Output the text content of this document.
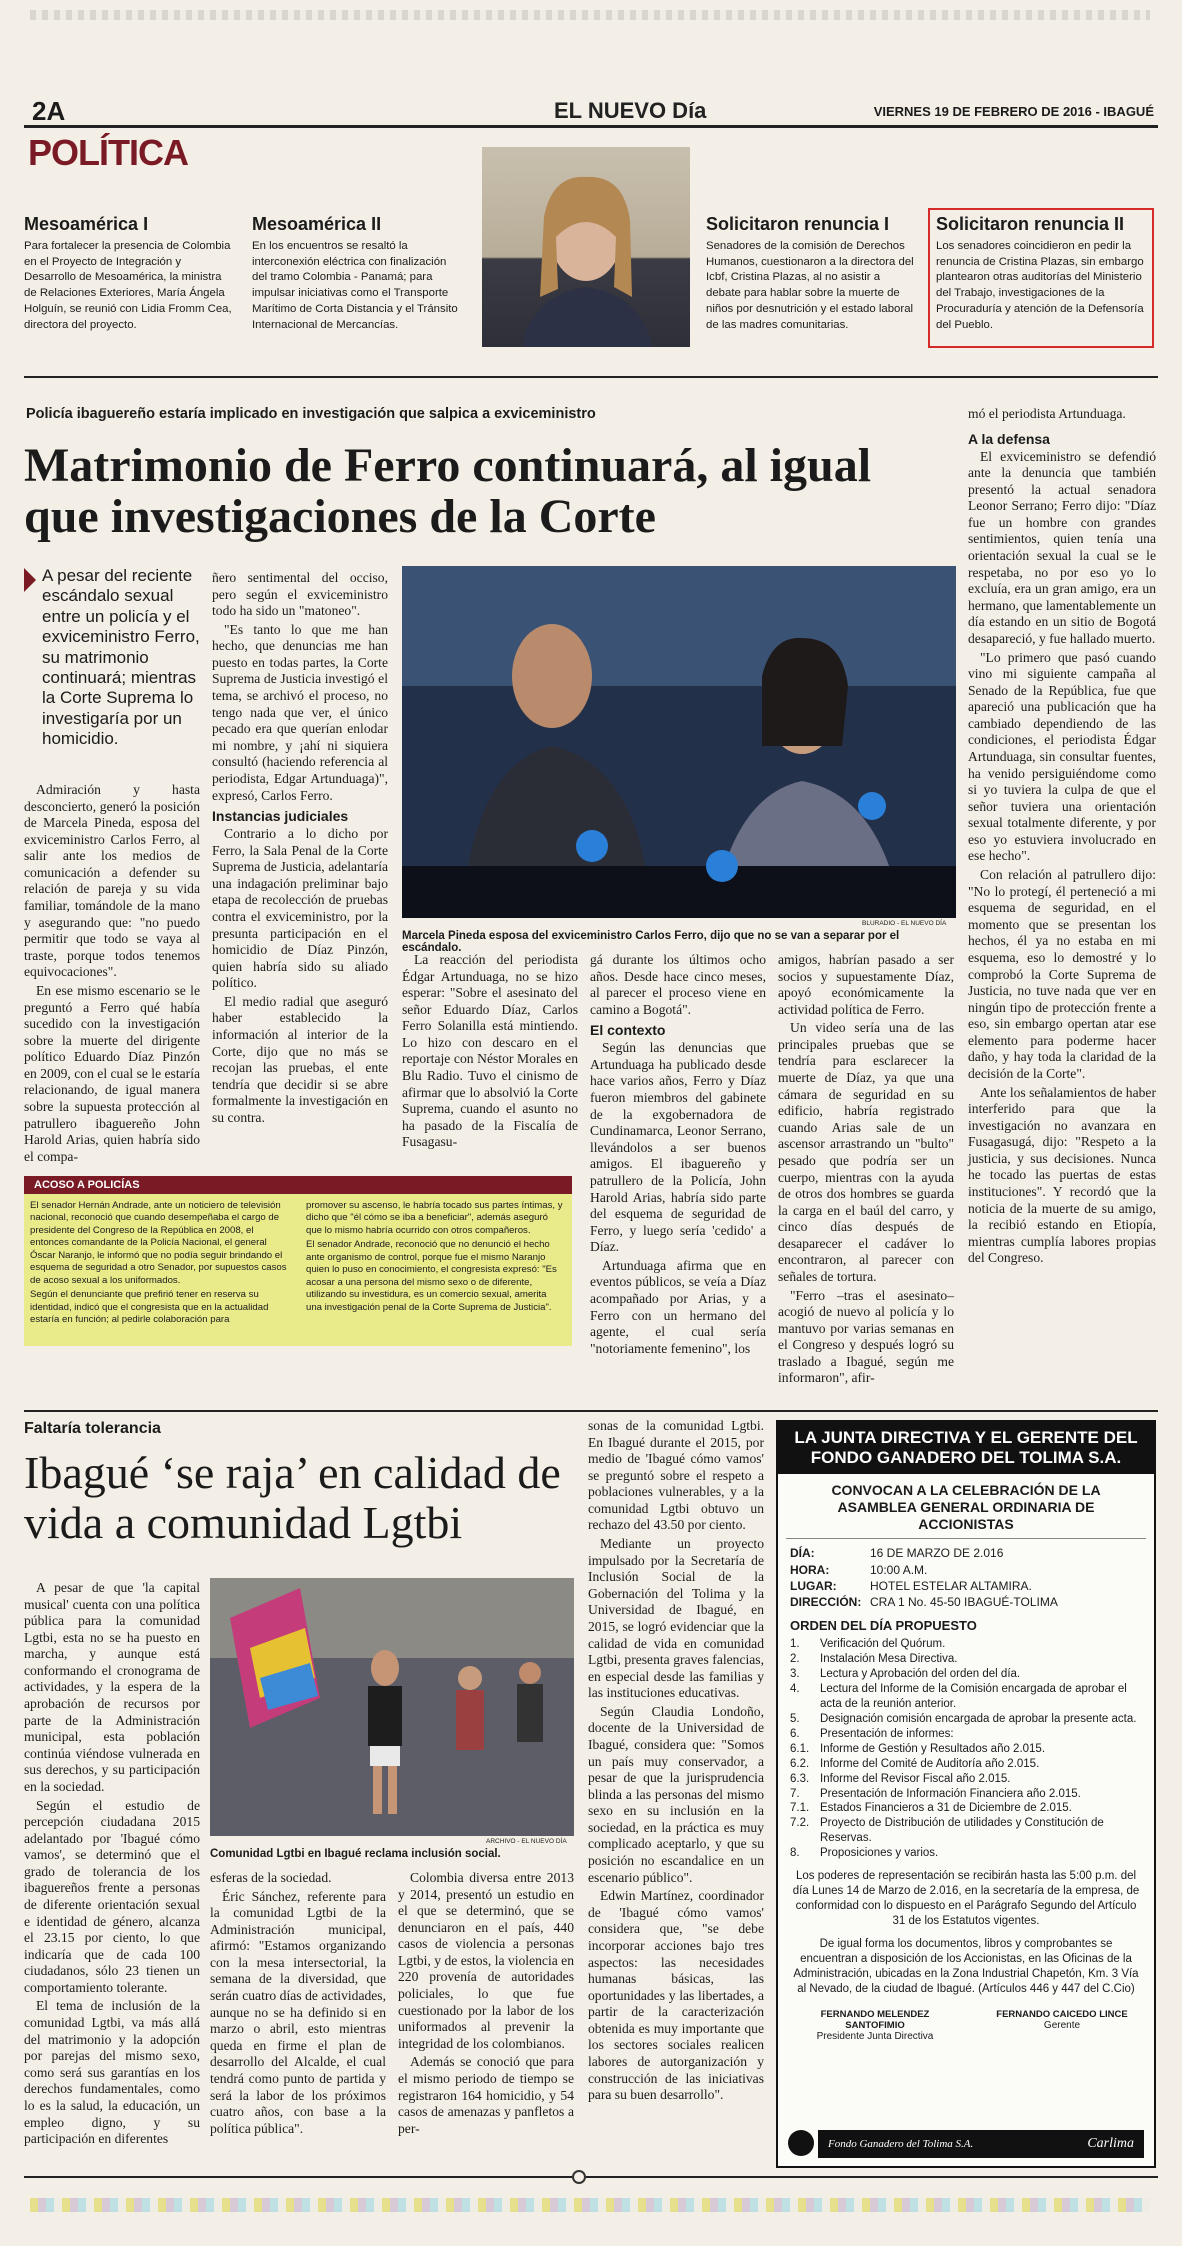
2A	EL NUEVO Día	VIERNES 19 DE FEBRERO DE 2016 - IBAGUÉ
POLÍTICA
Mesoamérica I
Para fortalecer la presencia de Colombia en el Proyecto de Integración y Desarrollo de Mesoamérica, la ministra de Relaciones Exteriores, María Ángela Holguín, se reunió con Lidia Fromm Cea, directora del proyecto.
Mesoamérica II
En los encuentros se resaltó la interconexión eléctrica con finalización del tramo Colombia - Panamá; para impulsar iniciativas como el Transporte Marítimo de Corta Distancia y el Tránsito Internacional de Mercancías.
Solicitaron renuncia I
Senadores de la comisión de Derechos Humanos, cuestionaron a la directora del Icbf, Cristina Plazas, al no asistir a debate para hablar sobre la muerte de niños por desnutrición y el estado laboral de las madres comunitarias.
Solicitaron renuncia II
Los senadores coincidieron en pedir la renuncia de Cristina Plazas, sin embargo plantearon otras auditorías del Ministerio del Trabajo, investigaciones de la Procuraduría y atención de la Defensoría del Pueblo.
Policía ibaguereño estaría implicado en investigación que salpica a exviceministro
Matrimonio de Ferro continuará, al igual que investigaciones de la Corte
A pesar del reciente escándalo sexual entre un policía y el exviceministro Ferro, su matrimonio continuará; mientras la Corte Suprema lo investigaría por un homicidio.

Admiración y hasta desconcierto, generó la posición de Marcela Pineda, esposa del exviceministro Carlos Ferro, al salir ante los medios de comunicación a defender su relación de pareja y su vida familiar, tomándole de la mano y asegurando que: "no puedo permitir que todo se vaya al traste, porque todos tenemos equivocaciones".

En ese mismo escenario se le preguntó a Ferro qué había sucedido con la investigación sobre la muerte del dirigente político Eduardo Díaz Pinzón en 2009, con el cual se le estaría relacionando, de igual manera sobre la supuesta protección al patrullero ibaguereño John Harold Arias, quien habría sido el compa-

ñero sentimental del occiso, pero según el exviceministro todo ha sido un "matoneo".

"Es tanto lo que me han hecho, que denuncias me han puesto en todas partes, la Corte Suprema de Justicia investigó el tema, se archivó el proceso, no tengo nada que ver, el único pecado era que querían enlodar mi nombre, y ¡ahí ni siquiera consultó (haciendo referencia al periodista, Edgar Artunduaga)", expresó, Carlos Ferro.

Instancias judiciales

Contrario a lo dicho por Ferro, la Sala Penal de la Corte Suprema de Justicia, adelantaría una indagación preliminar bajo etapa de recolección de pruebas contra el exviceministro, por la presunta participación en el homicidio de Díaz Pinzón, quien habría sido su aliado político.

El medio radial que aseguró haber establecido la información al interior de la Corte, dijo que no más se recojan las pruebas, el ente tendría que decidir si se abre formalmente la investigación en su contra.

BLURADIO - EL NUEVO DÍA
Marcela Pineda esposa del exviceministro Carlos Ferro, dijo que no se van a separar por el escándalo.

La reacción del periodista Édgar Artunduaga, no se hizo esperar: "Sobre el asesinato del señor Eduardo Díaz, Carlos Ferro Solanilla está mintiendo. Lo hizo con descaro en el reportaje con Néstor Morales en Blu Radio. Tuvo el cinismo de afirmar que lo absolvió la Corte Suprema, cuando el asunto no ha pasado de la Fiscalía de Fusagasu-

gá durante los últimos ocho años. Desde hace cinco meses, al parecer el proceso viene en camino a Bogotá".

El contexto

Según las denuncias que Artunduaga ha publicado desde hace varios años, Ferro y Díaz fueron miembros del gabinete de la exgobernadora de Cundinamarca, Leonor Serrano, llevándolos a ser buenos amigos. El ibaguereño y patrullero de la Policía, John Harold Arias, habría sido parte del esquema de seguridad de Ferro, y luego sería 'cedido' a Díaz.

Artunduaga afirma que en eventos públicos, se veía a Díaz acompañado por Arias, y a Ferro con un hermano del agente, el cual sería "notoriamente femenino", los

amigos, habrían pasado a ser socios y supuestamente Díaz, apoyó económicamente la actividad política de Ferro.

Un video sería una de las principales pruebas que se tendría para esclarecer la muerte de Díaz, ya que una cámara de seguridad en su edificio, habría registrado cuando Arias sale de un ascensor arrastrando un "bulto" pesado que podría ser un cuerpo, mientras con la ayuda de otros dos hombres se guarda la carga en el baúl del carro, y cinco días después de desaparecer el cadáver lo encontraron, al parecer con señales de tortura.

"Ferro –tras el asesinato– acogió de nuevo al policía y lo mantuvo por varias semanas en el Congreso y después logró su traslado a Ibagué, según me informaron", afir-

mó el periodista Artunduaga.

A la defensa

El exviceministro se defendió ante la denuncia que también presentó la actual senadora Leonor Serrano; Ferro dijo: "Díaz fue un hombre con grandes sentimientos, quien tenía una orientación sexual la cual se le respetaba, no por eso yo lo excluía, era un gran amigo, era un hermano, que lamentablemente un día estando en un sitio de Bogotá desapareció, y fue hallado muerto.

"Lo primero que pasó cuando vino mi siguiente campaña al Senado de la República, fue que apareció una publicación que ha cambiado dependiendo de las condiciones, el periodista Édgar Artunduaga, sin consultar fuentes, ha venido persiguiéndome como si yo tuviera la culpa de que el señor tuviera una orientación sexual totalmente diferente, y por eso yo estuviera involucrado en ese hecho".

Con relación al patrullero dijo: "No lo protegí, él perteneció a mi esquema de seguridad, en el momento que se presentan los hechos, él ya no estaba en mi esquema, eso lo demostré y lo comprobó la Corte Suprema de Justicia, no tuve nada que ver en ningún tipo de protección frente a eso, sin embargo opertan atar ese elemento para poderme hacer daño, y hay toda la claridad de la decisión de la Corte".

Ante los señalamientos de haber interferido para que la investigación no avanzara en Fusagasugá, dijo: "Respeto a la justicia, y sus decisiones. Nunca he tocado las puertas de estas instituciones". Y recordó que la noticia de la muerte de su amigo, la recibió estando en Etiopía, mientras cumplía labores propias del Congreso.

ACOSO A POLICÍAS
El senador Hernán Andrade, ante un noticiero de televisión nacional, reconoció que cuando desempeñaba el cargo de presidente del Congreso de la República en 2008, el entonces comandante de la Policía Nacional, el general Óscar Naranjo, le informó que no podía seguir brindando el esquema de seguridad a otro Senador, por supuestos casos de acoso sexual a los uniformados.
Según el denunciante que prefirió tener en reserva su identidad, indicó que el congresista que en la actualidad estaría en función; al pedirle colaboración para
promover su ascenso, le habría tocado sus partes íntimas, y dicho que "él cómo se iba a beneficiar", además aseguró que lo mismo habría ocurrido con otros compañeros.
El senador Andrade, reconoció que no denunció el hecho ante organismo de control, porque fue el mismo Naranjo quien lo puso en conocimiento, el congresista expresó: "Es acosar a una persona del mismo sexo o de diferente, utilizando su investidura, es un comercio sexual, amerita una investigación penal de la Corte Suprema de Justicia".
Faltaría tolerancia
Ibagué ‘se raja’ en calidad de vida a comunidad Lgtbi

A pesar de que 'la capital musical' cuenta con una política pública para la comunidad Lgtbi, esta no se ha puesto en marcha, y aunque está conformando el cronograma de actividades, y la espera de la aprobación de recursos por parte de la Administración municipal, esta población continúa viéndose vulnerada en sus derechos, y su participación en la sociedad.

Según el estudio de percepción ciudadana 2015 adelantado por 'Ibagué cómo vamos', se determinó que el grado de tolerancia de los ibaguereños frente a personas de diferente orientación sexual e identidad de género, alcanza el 23.15 por ciento, lo que indicaría que de cada 100 ciudadanos, sólo 23 tienen un comportamiento tolerante.

El tema de inclusión de la comunidad Lgtbi, va más allá del matrimonio y la adopción por parejas del mismo sexo, como será sus garantías en los derechos fundamentales, como lo es la salud, la educación, un empleo digno, y su participación en diferentes

ARCHIVO - EL NUEVO DÍA
Comunidad Lgtbi en Ibagué reclama inclusión social.

esferas de la sociedad.

Éric Sánchez, referente para la comunidad Lgtbi de la Administración municipal, afirmó: "Estamos organizando con la mesa intersectorial, la semana de la diversidad, que serán cuatro días de actividades, aunque no se ha definido si en marzo o abril, esto mientras queda en firme el plan de desarrollo del Alcalde, el cual tendrá como punto de partida y será la labor de los próximos cuatro años, con base a la política pública".

Colombia diversa entre 2013 y 2014, presentó un estudio en el que se determinó, que se denunciaron en el país, 440 casos de violencia a personas Lgtbi, y de estos, la violencia en 220 provenía de autoridades policiales, lo que fue cuestionado por la labor de los uniformados al prevenir la integridad de los colombianos.

Además se conoció que para el mismo periodo de tiempo se registraron 164 homicidio, y 54 casos de amenazas y panfletos a per-

sonas de la comunidad Lgtbi. En Ibagué durante el 2015, por medio de 'Ibagué cómo vamos' se preguntó sobre el respeto a poblaciones vulnerables, y a la comunidad Lgtbi obtuvo un rechazo del 43.50 por ciento.

Mediante un proyecto impulsado por la Secretaría de Inclusión Social de la Gobernación del Tolima y la Universidad de Ibagué, en 2015, se logró evidenciar que la calidad de vida en comunidad Lgtbi, presenta graves falencias, en especial desde las familias y las instituciones educativas.

Según Claudia Londoño, docente de la Universidad de Ibagué, considera que: "Somos un país muy conservador, a pesar de que la jurisprudencia blinda a las personas del mismo sexo en su inclusión en la sociedad, en la práctica es muy complicado aceptarlo, y que su posición no escandalice en un escenario público".

Edwin Martínez, coordinador de 'Ibagué cómo vamos' considera que, "se debe incorporar acciones bajo tres aspectos: las necesidades humanas básicas, las oportunidades y las libertades, a partir de la caracterización obtenida es muy importante que los sectores sociales realicen labores de autorganización y construcción de las iniciativas para su buen desarrollo".

LA JUNTA DIRECTIVA Y EL GERENTE DEL FONDO GANADERO DEL TOLIMA S.A.
CONVOCAN A LA CELEBRACIÓN DE LA ASAMBLEA GENERAL ORDINARIA DE ACCIONISTAS
DÍA:	16 DE MARZO DE 2.016
HORA:	10:00 A.M.
LUGAR:	HOTEL ESTELAR ALTAMIRA.
DIRECCIÓN: CRA 1 No. 45-50 IBAGUÉ-TOLIMA
ORDEN DEL DÍA PROPUESTO
1.	Verificación del Quórum.
2.	Instalación Mesa Directiva.
3.	Lectura y Aprobación del orden del día.
4.	Lectura del Informe de la Comisión encargada de aprobar el acta de la reunión anterior.
5.	Designación comisión encargada de aprobar la presente acta.
6.	Presentación de informes:
6.1. Informe de Gestión y Resultados año 2.015.
6.2. Informe del Comité de Auditoría año 2.015.
6.3. Informe del Revisor Fiscal año 2.015.
7.	Presentación de Información Financiera año 2.015.
7.1. Estados Financieros a 31 de Diciembre de 2.015.
7.2. Proyecto de Distribución de utilidades y Constitución de Reservas.
8.	Proposiciones y varios.
Los poderes de representación se recibirán hasta las 5:00 p.m. del día Lunes 14 de Marzo de 2.016, en la secretaría de la empresa, de conformidad con lo dispuesto en el Parágrafo Segundo del Artículo 31 de los Estatutos vigentes.
De igual forma los documentos, libros y comprobantes se encuentran a disposición de los Accionistas, en las Oficinas de la Administración, ubicadas en la Zona Industrial Chapetón, Km. 3 Vía al Nevado, de la ciudad de Ibagué. (Artículos 446 y 447 del C.Cio)
FERNANDO MELENDEZ SANTOFIMIO
Presidente Junta Directiva
FERNANDO CAICEDO LINCE
Gerente
Fondo Ganadero del Tolima S.A.	Carlima
